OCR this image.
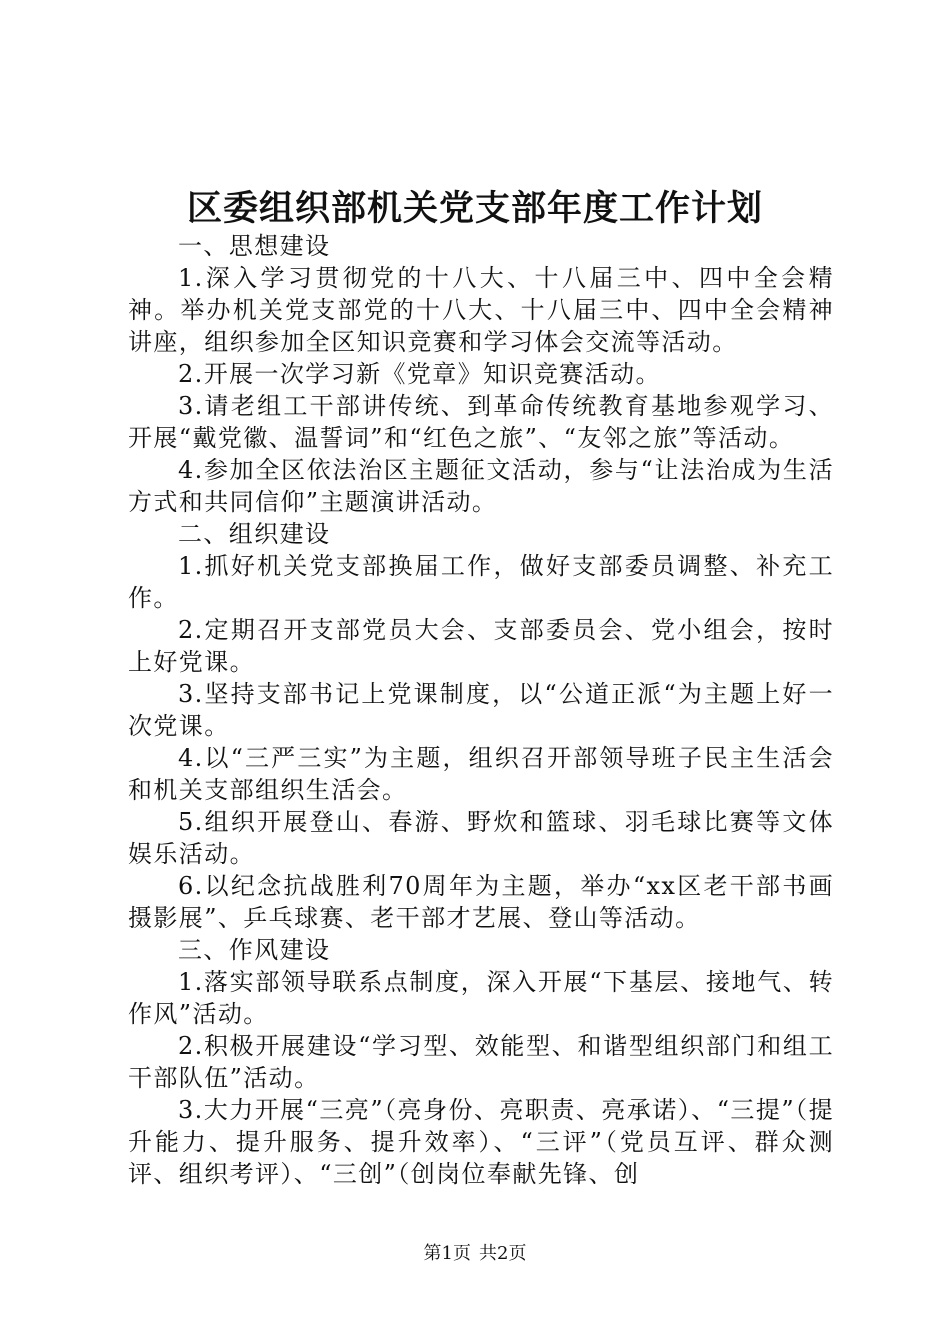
区委组织部机关党支部年度工作计划

一、思想建设

1.深入学习贯彻党的十八大、十八届三中、四中全会精神。举办机关党支部党的十八大、十八届三中、四中全会精神讲座，组织参加全区知识竞赛和学习体会交流等活动。

2.开展一次学习新《党章》知识竞赛活动。

3.请老组工干部讲传统、到革命传统教育基地参观学习、开展“戴党徽、温誓词”和“红色之旅”、“友邻之旅”等活动。

4.参加全区依法治区主题征文活动，参与“让法治成为生活方式和共同信仰”主题演讲活动。

二、组织建设

1.抓好机关党支部换届工作，做好支部委员调整、补充工作。

2.定期召开支部党员大会、支部委员会、党小组会，按时上好党课。

3.坚持支部书记上党课制度，以“公道正派“为主题上好一次党课。

4.以“三严三实”为主题，组织召开部领导班子民主生活会和机关支部组织生活会。

5.组织开展登山、春游、野炊和篮球、羽毛球比赛等文体娱乐活动。

6.以纪念抗战胜利70周年为主题，举办“xx区老干部书画摄影展”、乒乓球赛、老干部才艺展、登山等活动。

三、作风建设

1.落实部领导联系点制度，深入开展“下基层、接地气、转作风”活动。

2.积极开展建设“学习型、效能型、和谐型组织部门和组工干部队伍”活动。

3.大力开展“三亮”（亮身份、亮职责、亮承诺）、“三提”（提升能力、提升服务、提升效率）、“三评”（党员互评、群众测评、组织考评）、“三创”（创岗位奉献先锋、创

第1页 共2页
